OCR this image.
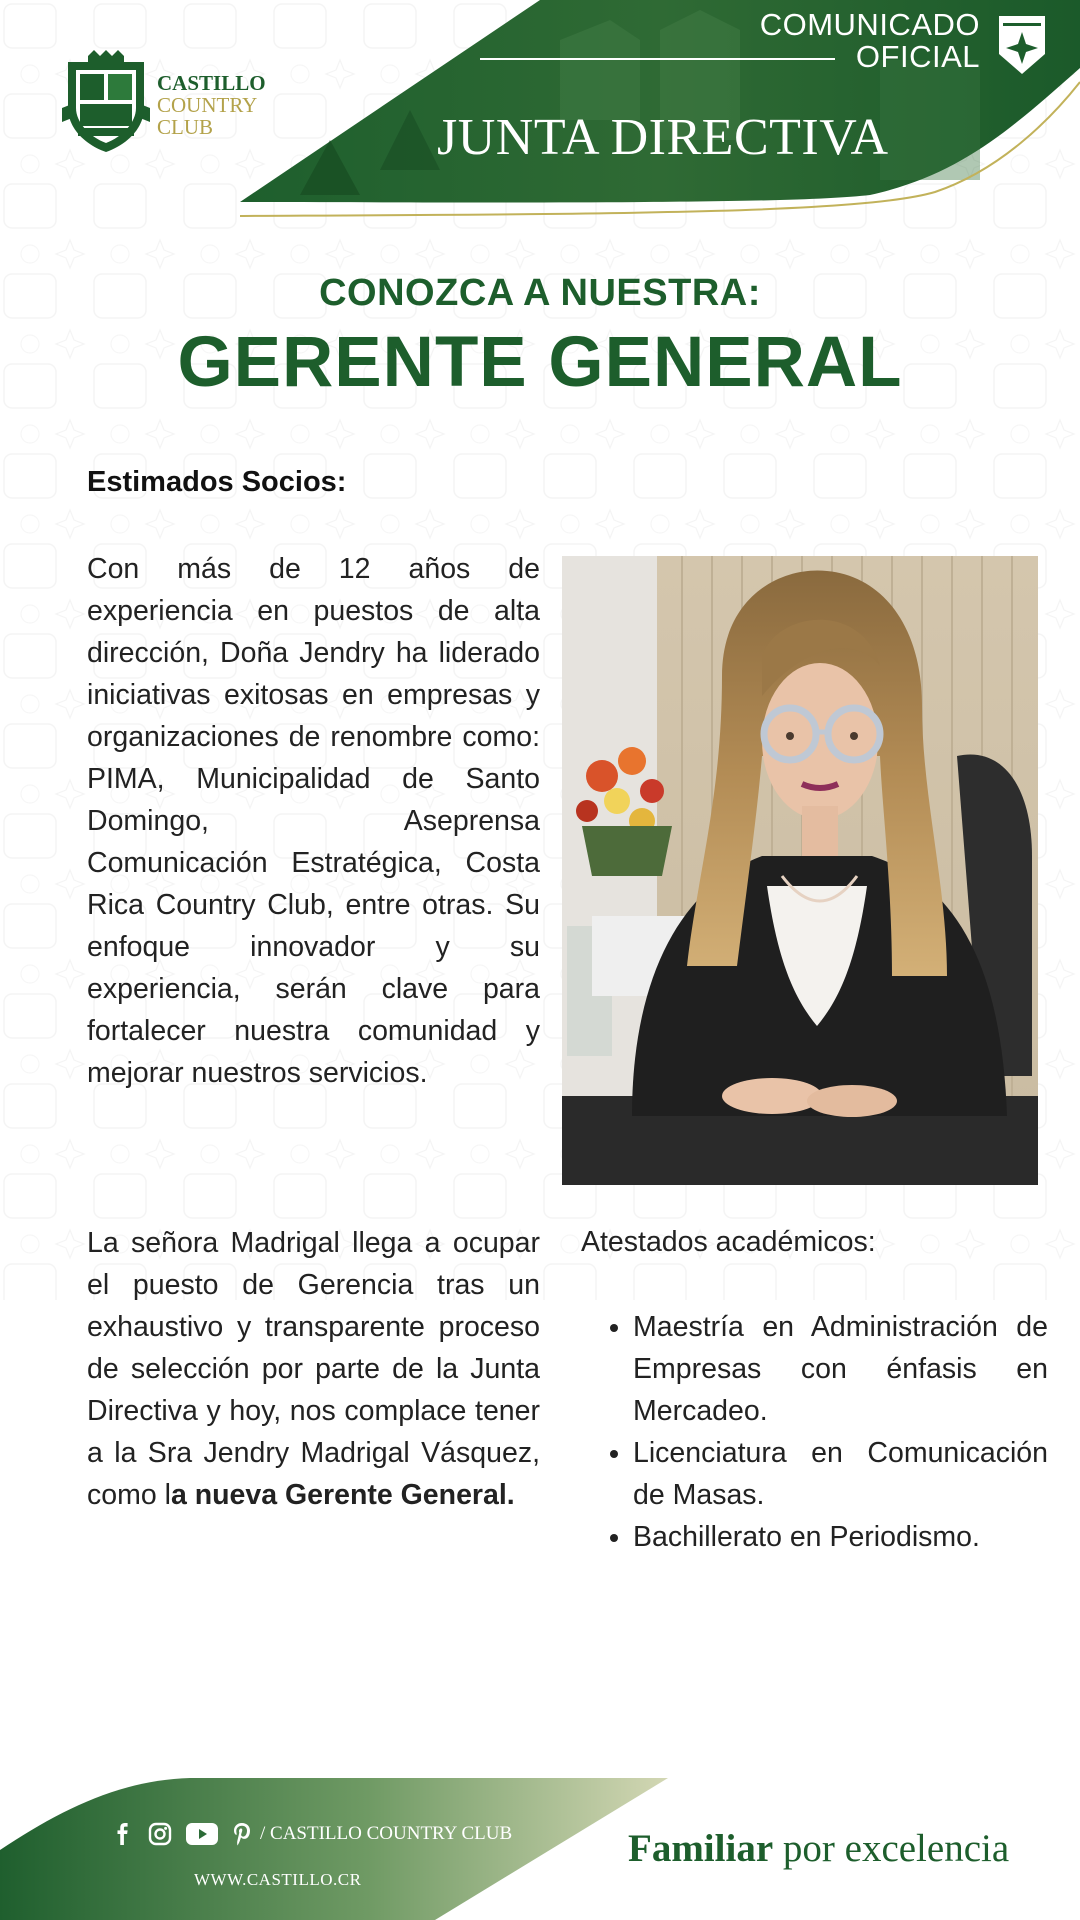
CASTILLO
COUNTRY
CLUB
COMUNICADO
OFICIAL
JUNTA DIRECTIVA
CONOZCA A NUESTRA:
GERENTE GENERAL
Estimados Socios:

Con más de 12 años de experiencia en puestos de alta dirección, Doña Jendry ha liderado iniciativas exitosas en empresas y organizaciones de renombre como: PIMA, Municipalidad de Santo Domingo, Aseprensa Comunicación Estratégica, Costa Rica Country Club, entre otras. Su enfoque innovador y su experiencia, serán clave para fortalecer nuestra comunidad y mejorar nuestros servicios.

La señora Madrigal llega a ocupar el puesto de Gerencia tras un exhaustivo y transparente proceso de selección por parte de la Junta Directiva y hoy, nos complace tener a la Sra Jendry Madrigal Vásquez, como la nueva Gerente General.

Atestados académicos:
• Maestría en Administración de Empresas con énfasis en Mercadeo.
• Licenciatura en Comunicación de Masas.
• Bachillerato en Periodismo.
/ CASTILLO COUNTRY CLUB
WWW.CASTILLO.CR
Familiar por excelencia
